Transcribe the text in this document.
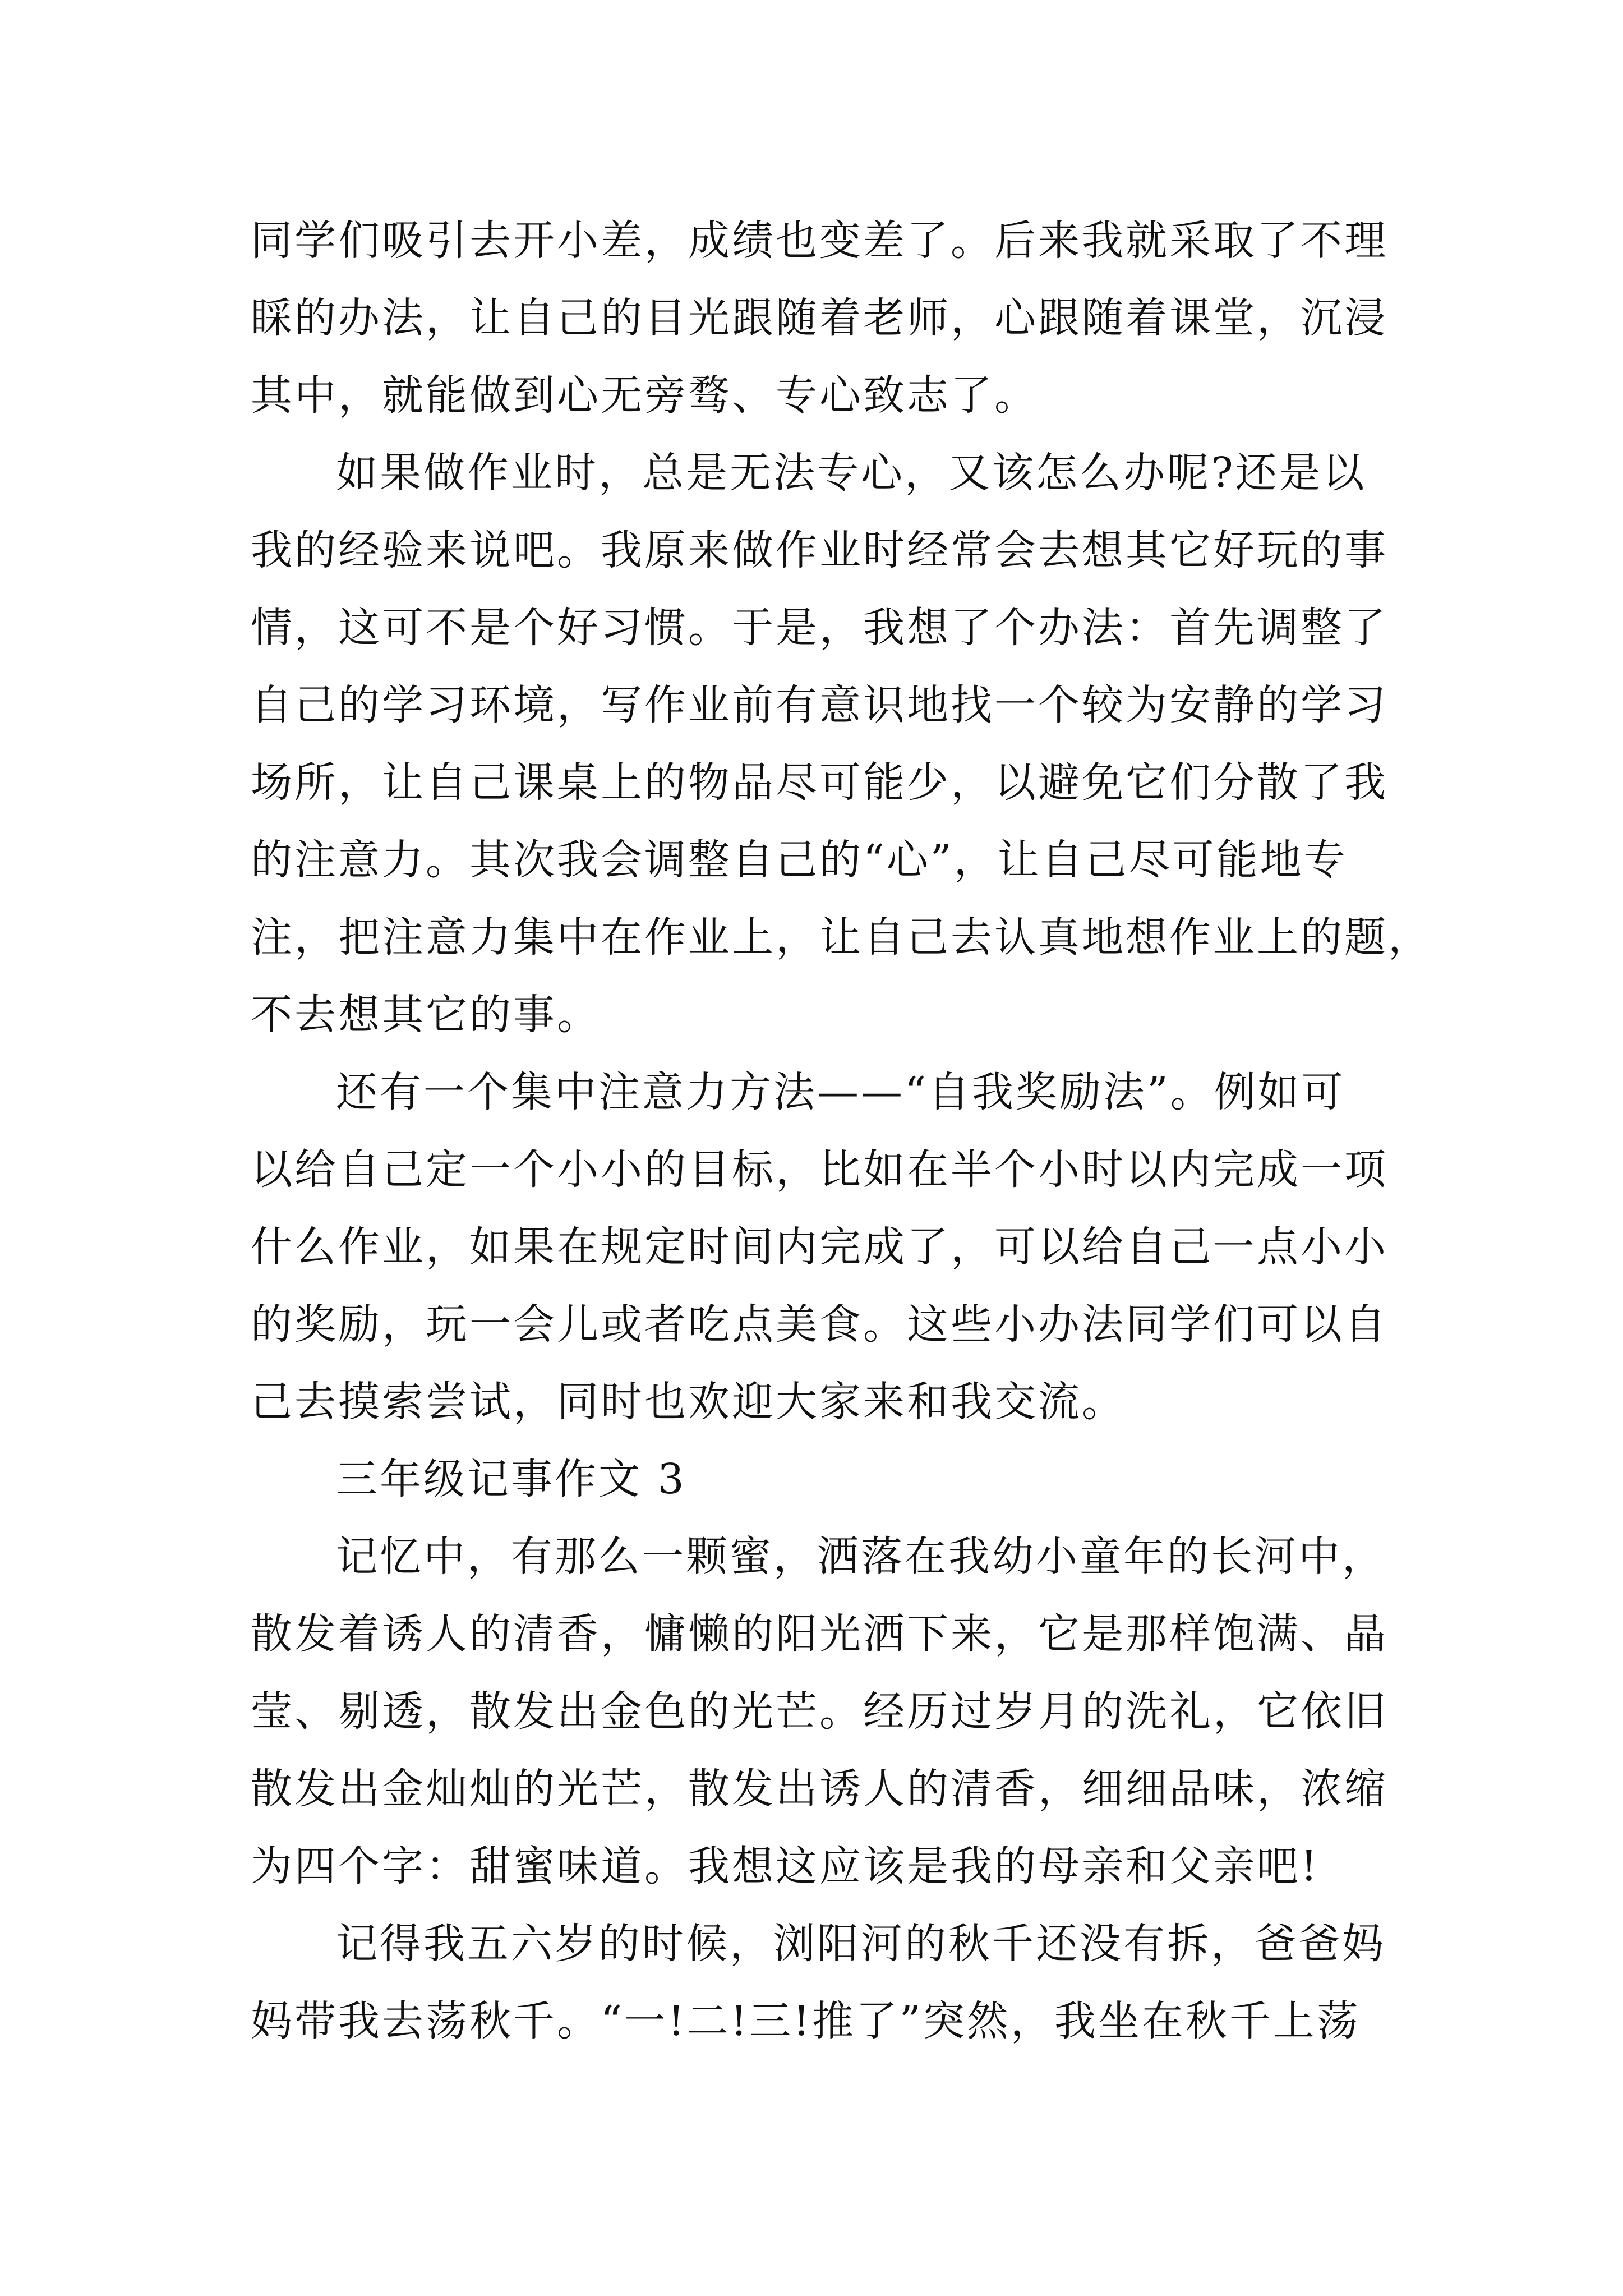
同学们吸引去开小差，成绩也变差了。后来我就采取了不理
睬的办法，让自己的目光跟随着老师，心跟随着课堂，沉浸
其中，就能做到心无旁骛、专心致志了。
如果做作业时，总是无法专心，又该怎么办呢?还是以
我的经验来说吧。我原来做作业时经常会去想其它好玩的事
情，这可不是个好习惯。于是，我想了个办法：首先调整了
自己的学习环境，写作业前有意识地找一个较为安静的学习
场所，让自己课桌上的物品尽可能少，以避免它们分散了我
的注意力。其次我会调整自己的“心”，让自己尽可能地专
注，把注意力集中在作业上，让自己去认真地想作业上的题，
不去想其它的事。
还有一个集中注意力方法——“自我奖励法”。例如可
以给自己定一个小小的目标，比如在半个小时以内完成一项
什么作业，如果在规定时间内完成了，可以给自己一点小小
的奖励，玩一会儿或者吃点美食。这些小办法同学们可以自
己去摸索尝试，同时也欢迎大家来和我交流。
三年级记事作文 3
记忆中，有那么一颗蜜，洒落在我幼小童年的长河中，
散发着诱人的清香，慵懒的阳光洒下来，它是那样饱满、晶
莹、剔透，散发出金色的光芒。经历过岁月的洗礼，它依旧
散发出金灿灿的光芒，散发出诱人的清香，细细品味，浓缩
为四个字：甜蜜味道。我想这应该是我的母亲和父亲吧!
记得我五六岁的时候，浏阳河的秋千还没有拆，爸爸妈
妈带我去荡秋千。“一!二!三!推了”突然，我坐在秋千上荡
